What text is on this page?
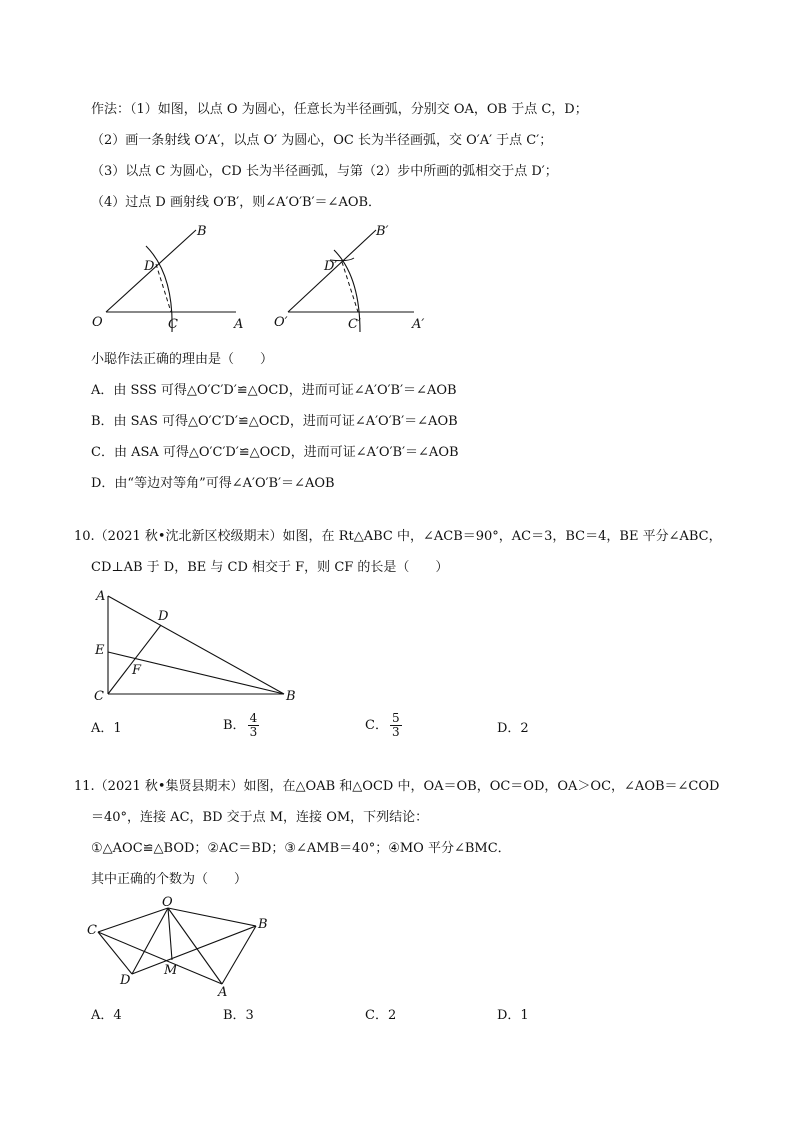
作法：（1）如图，以点 O 为圆心，任意长为半径画弧，分别交 OA，OB 于点 C，D；
（2）画一条射线 O′A′，以点 O′ 为圆心，OC 长为半径画弧，交 O′A′ 于点 C′；
（3）以点 C 为圆心，CD 长为半径画弧，与第（2）步中所画的弧相交于点 D′；
（4）过点 D 画射线 O′B′，则∠A′O′B′＝∠AOB．
B
D
O	C	A
B′
D′
O′	C′	A′
小聪作法正确的理由是（　　）
A．由 SSS 可得△O′C′D′≌△OCD，进而可证∠A′O′B′＝∠AOB
B．由 SAS 可得△O′C′D′≌△OCD，进而可证∠A′O′B′＝∠AOB
C．由 ASA 可得△O′C′D′≌△OCD，进而可证∠A′O′B′＝∠AOB
D．由“等边对等角”可得∠A′O′B′＝∠AOB
10.（2021 秋•沈北新区校级期末）如图，在 Rt△ABC 中，∠ACB＝90°，AC＝3，BC＝4，BE 平分∠ABC，
CD⊥AB 于 D，BE 与 CD 相交于 F，则 CF 的长是（　　）
A
D
E
F
C	B
A．1	B． $\frac{4}{3}$	C． $\frac{5}{3}$	D．2
11.（2021 秋•集贤县期末）如图，在△OAB 和△OCD 中，OA＝OB，OC＝OD，OA＞OC，∠AOB＝∠COD
＝40°，连接 AC，BD 交于点 M，连接 OM，下列结论：
①△AOC≌△BOD；②AC＝BD；③∠AMB＝40°；④MO 平分∠BMC．
其中正确的个数为（　　）
O
C	B
D
M
A
A．4	B．3	C．2	D．1
